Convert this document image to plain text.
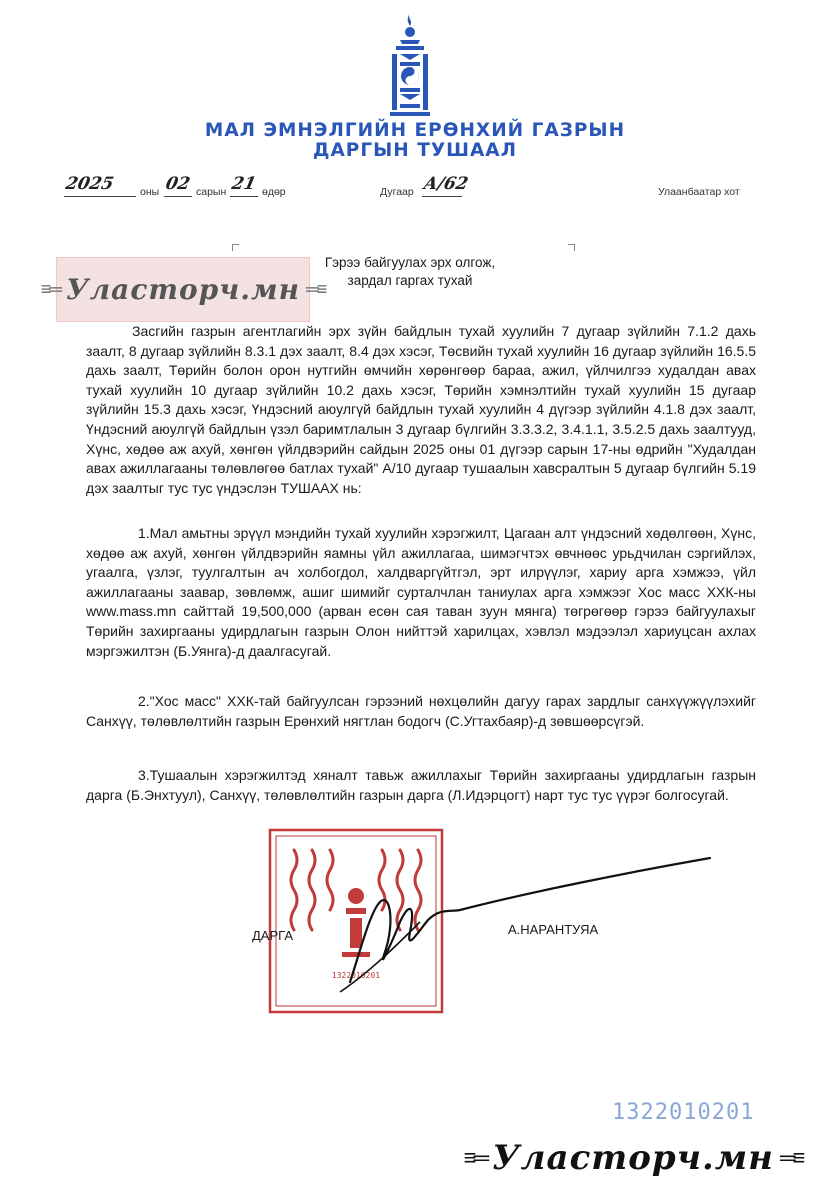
МАЛ ЭМНЭЛГИЙН ЕРӨНХИЙ ГАЗРЫН
ДАРГЫН ТУШААЛ
2025 оны 02 сарын 21 өдөр	Дугаар А/62	Улаанбаатар хот
Гэрээ байгуулах эрх олгож,
зардал гаргах тухай
≡═ Уласторч.мн ═≡
Засгийн газрын агентлагийн эрх зүйн байдлын тухай хуулийн 7 дугаар зүйлийн 7.1.2 дахь заалт, 8 дугаар зүйлийн 8.3.1 дэх заалт, 8.4 дэх хэсэг, Төсвийн тухай хуулийн 16 дугаар зүйлийн 16.5.5 дахь заалт, Төрийн болон орон нутгийн өмчийн хөрөнгөөр бараа, ажил, үйлчилгээ худалдан авах тухай хуулийн 10 дугаар зүйлийн 10.2 дахь хэсэг, Төрийн хэмнэлтийн тухай хуулийн 15 дугаар зүйлийн 15.3 дахь хэсэг, Үндэсний аюулгүй байдлын тухай хуулийн 4 дүгээр зүйлийн 4.1.8 дэх заалт, Үндэсний аюулгүй байдлын үзэл баримтлалын 3 дугаар бүлгийн 3.3.3.2, 3.4.1.1, 3.5.2.5 дахь заалтууд, Хүнс, хөдөө аж ахуй, хөнгөн үйлдвэрийн сайдын 2025 оны 01 дүгээр сарын 17-ны өдрийн "Худалдан авах ажиллагааны төлөвлөгөө батлах тухай" А/10 дугаар тушаалын хавсралтын 5 дугаар бүлгийн 5.19 дэх заалтыг тус тус үндэслэн ТУШААХ нь:
1.Мал амьтны эрүүл мэндийн тухай хуулийн хэрэгжилт, Цагаан алт үндэсний хөдөлгөөн, Хүнс, хөдөө аж ахуй, хөнгөн үйлдвэрийн яамны үйл ажиллагаа, шимэгчтэх өвчнөөс урьдчилан сэргийлэх, угаалга, үзлэг, туулгалтын ач холбогдол, халдваргүйтгэл, эрт илрүүлэг, хариу арга хэмжээ, үйл ажиллагааны заавар, зөвлөмж, ашиг шимийг сурталчлан таниулах арга хэмжээг Хос масс ХХК-ны www.mass.mn сайттай 19,500,000 (арван есөн сая таван зуун мянга) төгрөгөөр гэрээ байгуулахыг Төрийн захиргааны удирдлагын газрын Олон нийттэй харилцах, хэвлэл мэдээлэл хариуцсан ахлах мэргэжилтэн (Б.Уянга)-д даалгасугай.
2."Хос масс" ХХК-тай байгуулсан гэрээний нөхцөлийн дагуу гарах зардлыг санхүүжүүлэхийг Санхүү, төлөвлөлтийн газрын Ерөнхий нягтлан бодогч (С.Угтахбаяр)-д зөвшөөрсүгэй.
3.Тушаалын хэрэгжилтэд хяналт тавьж ажиллахыг Төрийн захиргааны удирдлагын газрын дарга (Б.Энхтуул), Санхүү, төлөвлөлтийн газрын дарга (Л.Идэрцогт) нарт тус тус үүрэг болгосугай.
1322010201
ДАРГА	А.НАРАНТУЯА
1322010201
≡═ Уласторч.мн ═≡
